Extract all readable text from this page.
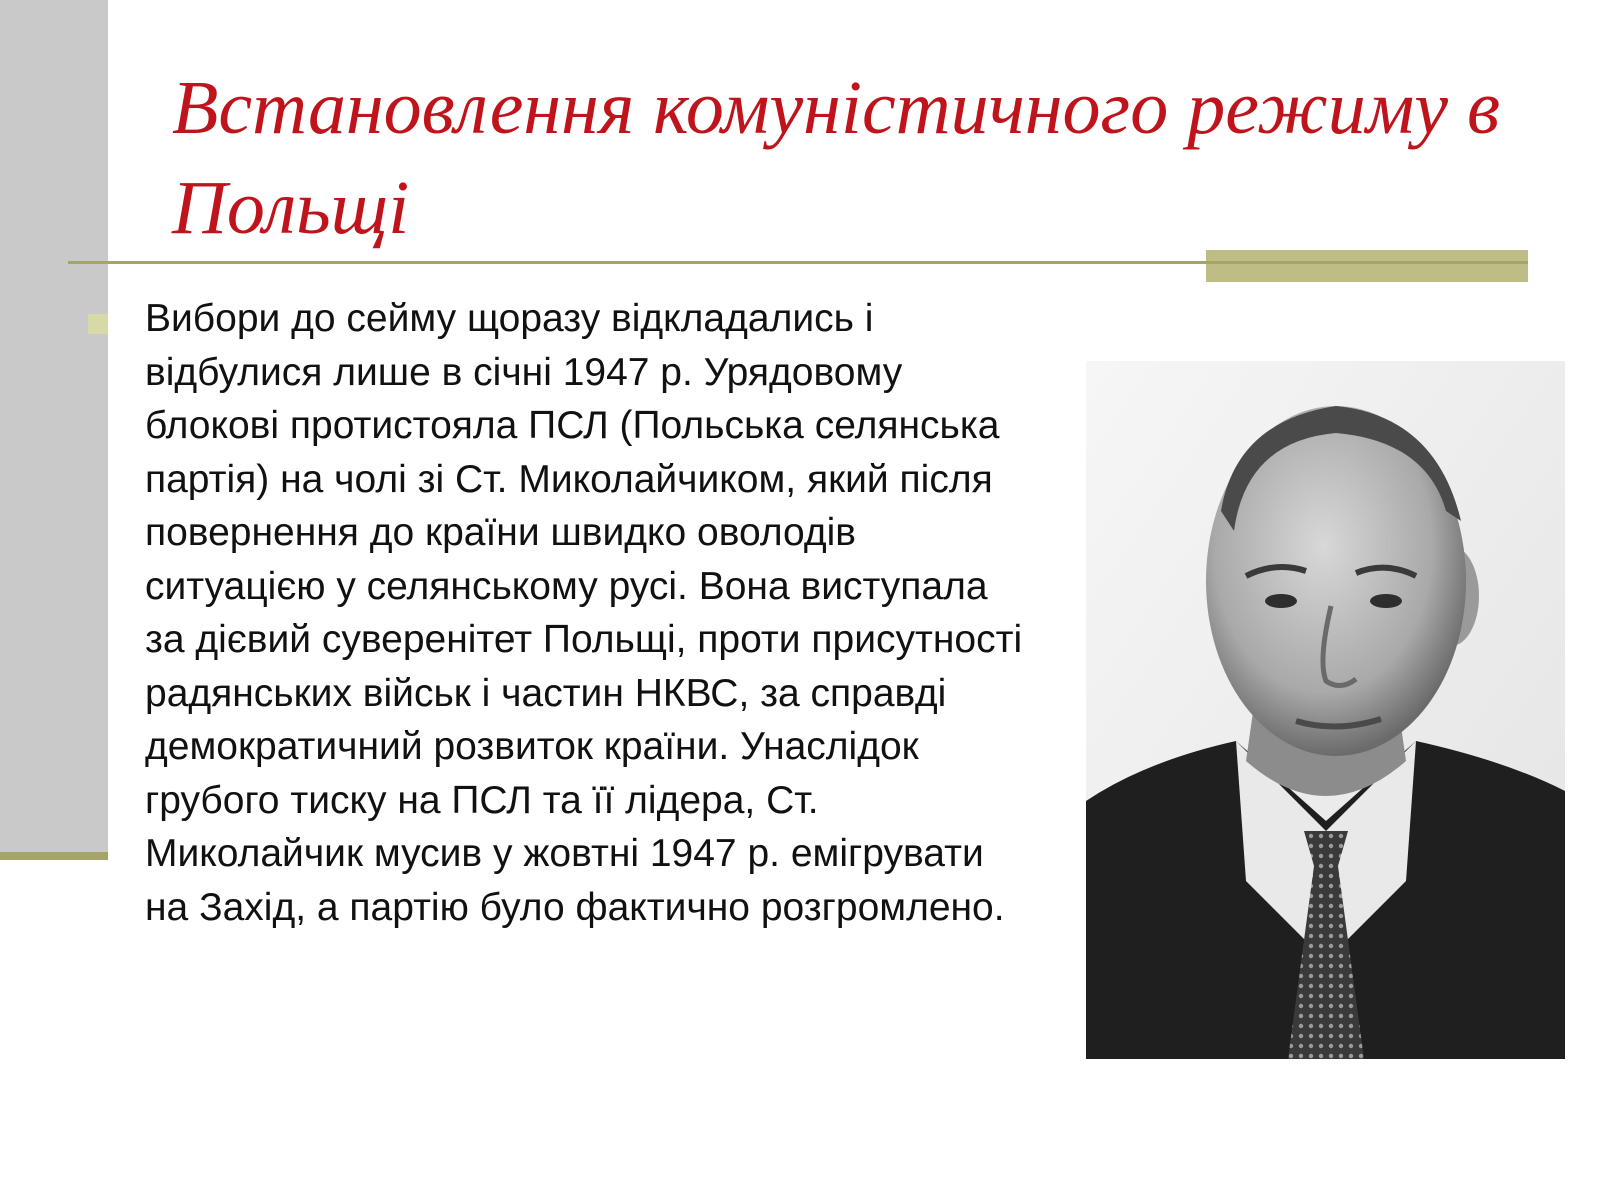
Встановлення комуністичного режиму в Польщі

Вибори до сейму щоразу відкладались і відбулися лише в січні 1947 р. Урядовому блокові протистояла ПСЛ (Польська селянська партія) на чолі зі Ст. Миколайчиком, який після повернення до країни швидко оволодів ситуацією у селянському русі. Вона виступала за дієвий суверенітет Польщі, проти присутності радянських військ і частин НКВС, за справді демократичний розвиток країни. Унаслідок грубого тиску на ПСЛ та її лідера, Ст. Миколайчик мусив у жовтні 1947 р. емігрувати на Захід, а партію було фактично розгромлено.
